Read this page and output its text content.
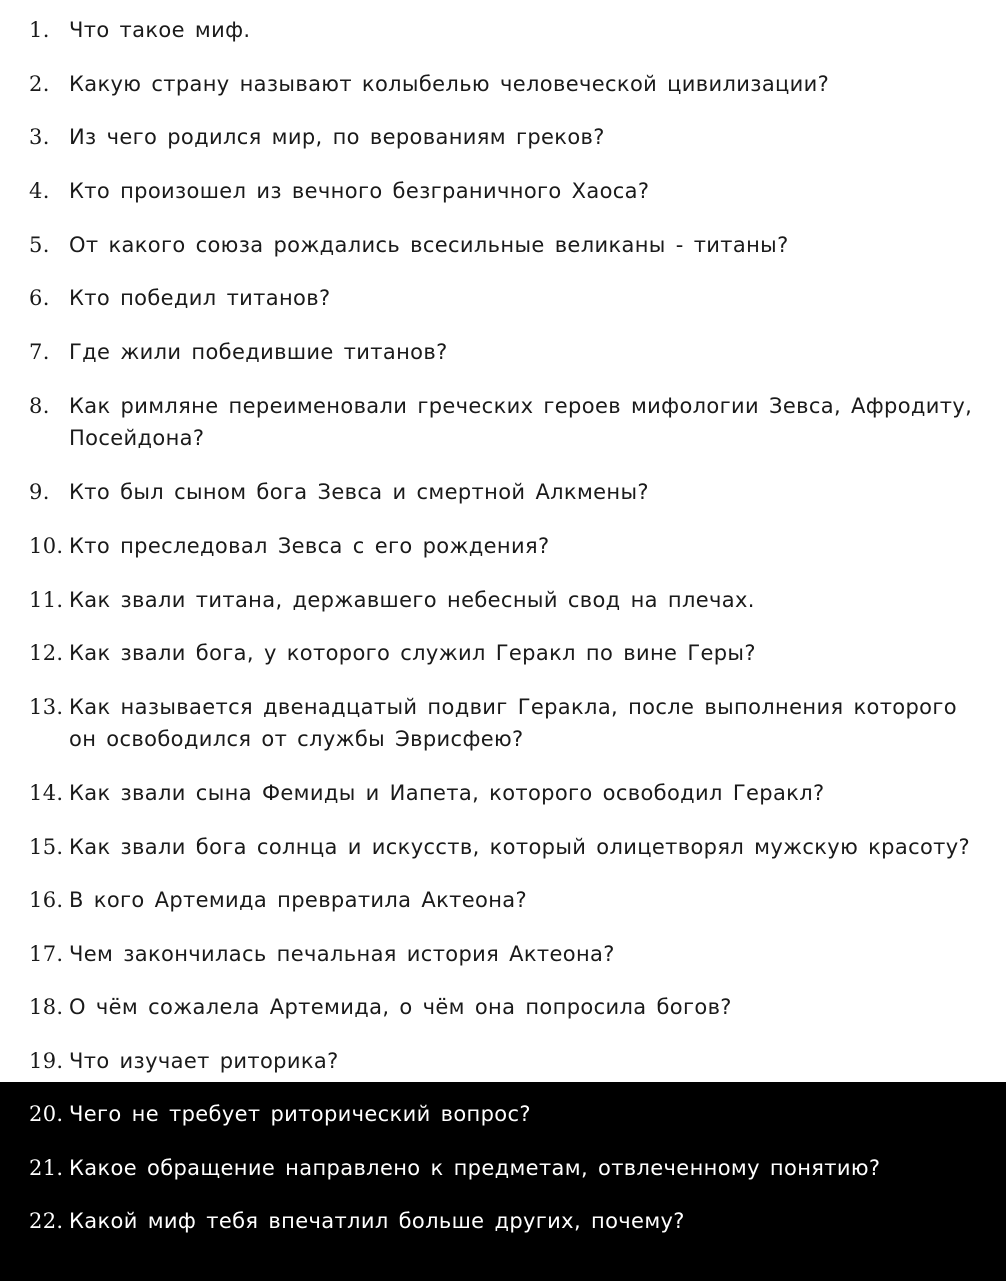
1. Что такое миф.
2. Какую страну называют колыбелью человеческой цивилизации?
3. Из чего родился мир, по верованиям греков?
4. Кто произошел из вечного безграничного Хаоса?
5. От какого союза рождались всесильные великаны - титаны?
6. Кто победил титанов?
7. Где жили победившие титанов?
8. Как римляне переименовали греческих героев мифологии Зевса, Афродиту, Посейдона?
9. Кто был сыном бога Зевса и смертной Алкмены?
10. Кто преследовал Зевса с его рождения?
11. Как звали титана, державшего небесный свод на плечах.
12. Как звали бога, у которого служил Геракл по вине Геры?
13. Как называется двенадцатый подвиг Геракла, после выполнения которого он освободился от службы Эврисфею?
14. Как звали сына Фемиды и Иапета, которого освободил Геракл?
15. Как звали бога солнца и искусств, который олицетворял мужскую красоту?
16. В кого Артемида превратила Актеона?
17. Чем закончилась печальная история Актеона?
18. О чём сожалела Артемида, о чём она попросила богов?
19. Что изучает риторика?
20. Чего не требует риторический вопрос?
21. Какое обращение направлено к предметам, отвлеченному понятию?
22. Какой миф тебя впечатлил больше других, почему?
